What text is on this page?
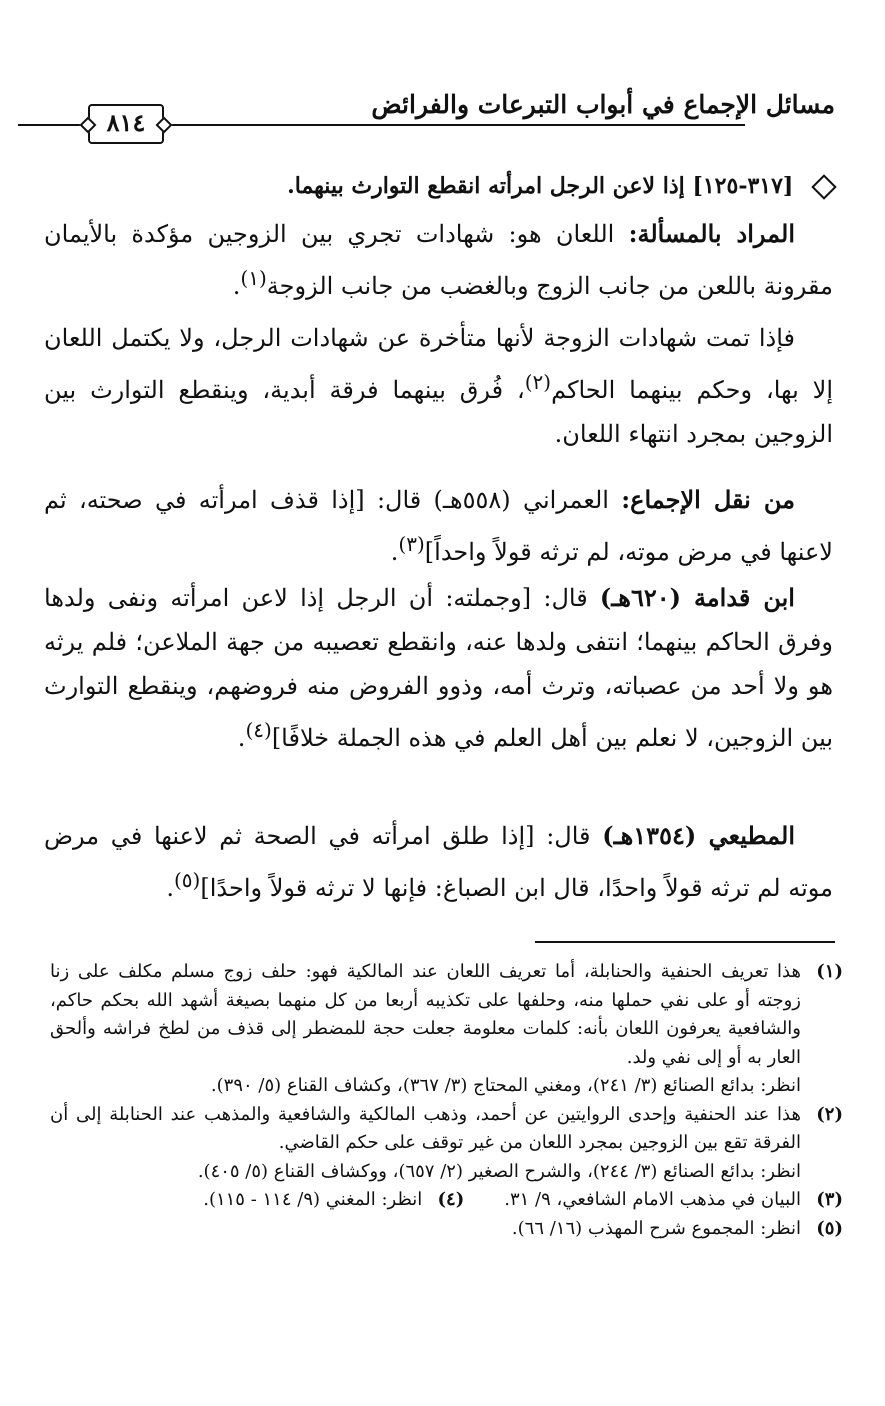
٨١٤
مسائل الإجماع في أبواب التبرعات والفرائض
[٣١٧-١٢٥] إذا لاعن الرجل امرأته انقطع التوارث بينهما.
المراد بالمسألة: اللعان هو: شهادات تجري بين الزوجين مؤكدة بالأيمان مقرونة باللعن من جانب الزوج وبالغضب من جانب الزوجة$^{(١)}$.
فإذا تمت شهادات الزوجة لأنها متأخرة عن شهادات الرجل، ولا يكتمل اللعان إلا بها، وحكم بينهما الحاكم$^{(٢)}$، فُرق بينهما فرقة أبدية، وينقطع التوارث بين الزوجين بمجرد انتهاء اللعان.
من نقل الإجماع: العمراني (٥٥٨هـ) قال: [إذا قذف امرأته في صحته، ثم لاعنها في مرض موته، لم ترثه قولاً واحداً]$^{(٣)}$.
ابن قدامة (٦٢٠هـ) قال: [وجملته: أن الرجل إذا لاعن امرأته ونفى ولدها وفرق الحاكم بينهما؛ انتفى ولدها عنه، وانقطع تعصيبه من جهة الملاعن؛ فلم يرثه هو ولا أحد من عصباته، وترث أمه، وذوو الفروض منه فروضهم، وينقطع التوارث بين الزوجين، لا نعلم بين أهل العلم في هذه الجملة خلافًا]$^{(٤)}$.
المطيعي (١٣٥٤هـ) قال: [إذا طلق امرأته في الصحة ثم لاعنها في مرض موته لم ترثه قولاً واحدًا، قال ابن الصباغ: فإنها لا ترثه قولاً واحدًا]$^{(٥)}$.
(١)
هذا تعريف الحنفية والحنابلة، أما تعريف اللعان عند المالكية فهو: حلف زوج مسلم مكلف على زنا زوجته أو على نفي حملها منه، وحلفها على تكذيبه أربعا من كل منهما بصيغة أشهد الله بحكم حاكم، والشافعية يعرفون اللعان بأنه: كلمات معلومة جعلت حجة للمضطر إلى قذف من لطخ فراشه وألحق العار به أو إلى نفي ولد.
انظر: بدائع الصنائع (٣/ ٢٤١)، ومغني المحتاج (٣/ ٣٦٧)، وكشاف القناع (٥/ ٣٩٠).
(٢)
هذا عند الحنفية وإحدى الروايتين عن أحمد، وذهب المالكية والشافعية والمذهب عند الحنابلة إلى أن الفرقة تقع بين الزوجين بمجرد اللعان من غير توقف على حكم القاضي.
انظر: بدائع الصنائع (٣/ ٢٤٤)، والشرح الصغير (٢/ ٦٥٧)، ووكشاف القناع (٥/ ٤٠٥).
(٣)
البيان في مذهب الامام الشافعي، ٩/ ٣١.
(٤)
انظر: المغني (٩/ ١١٤ - ١١٥).
(٥)
انظر: المجموع شرح المهذب (١٦/ ٦٦).
